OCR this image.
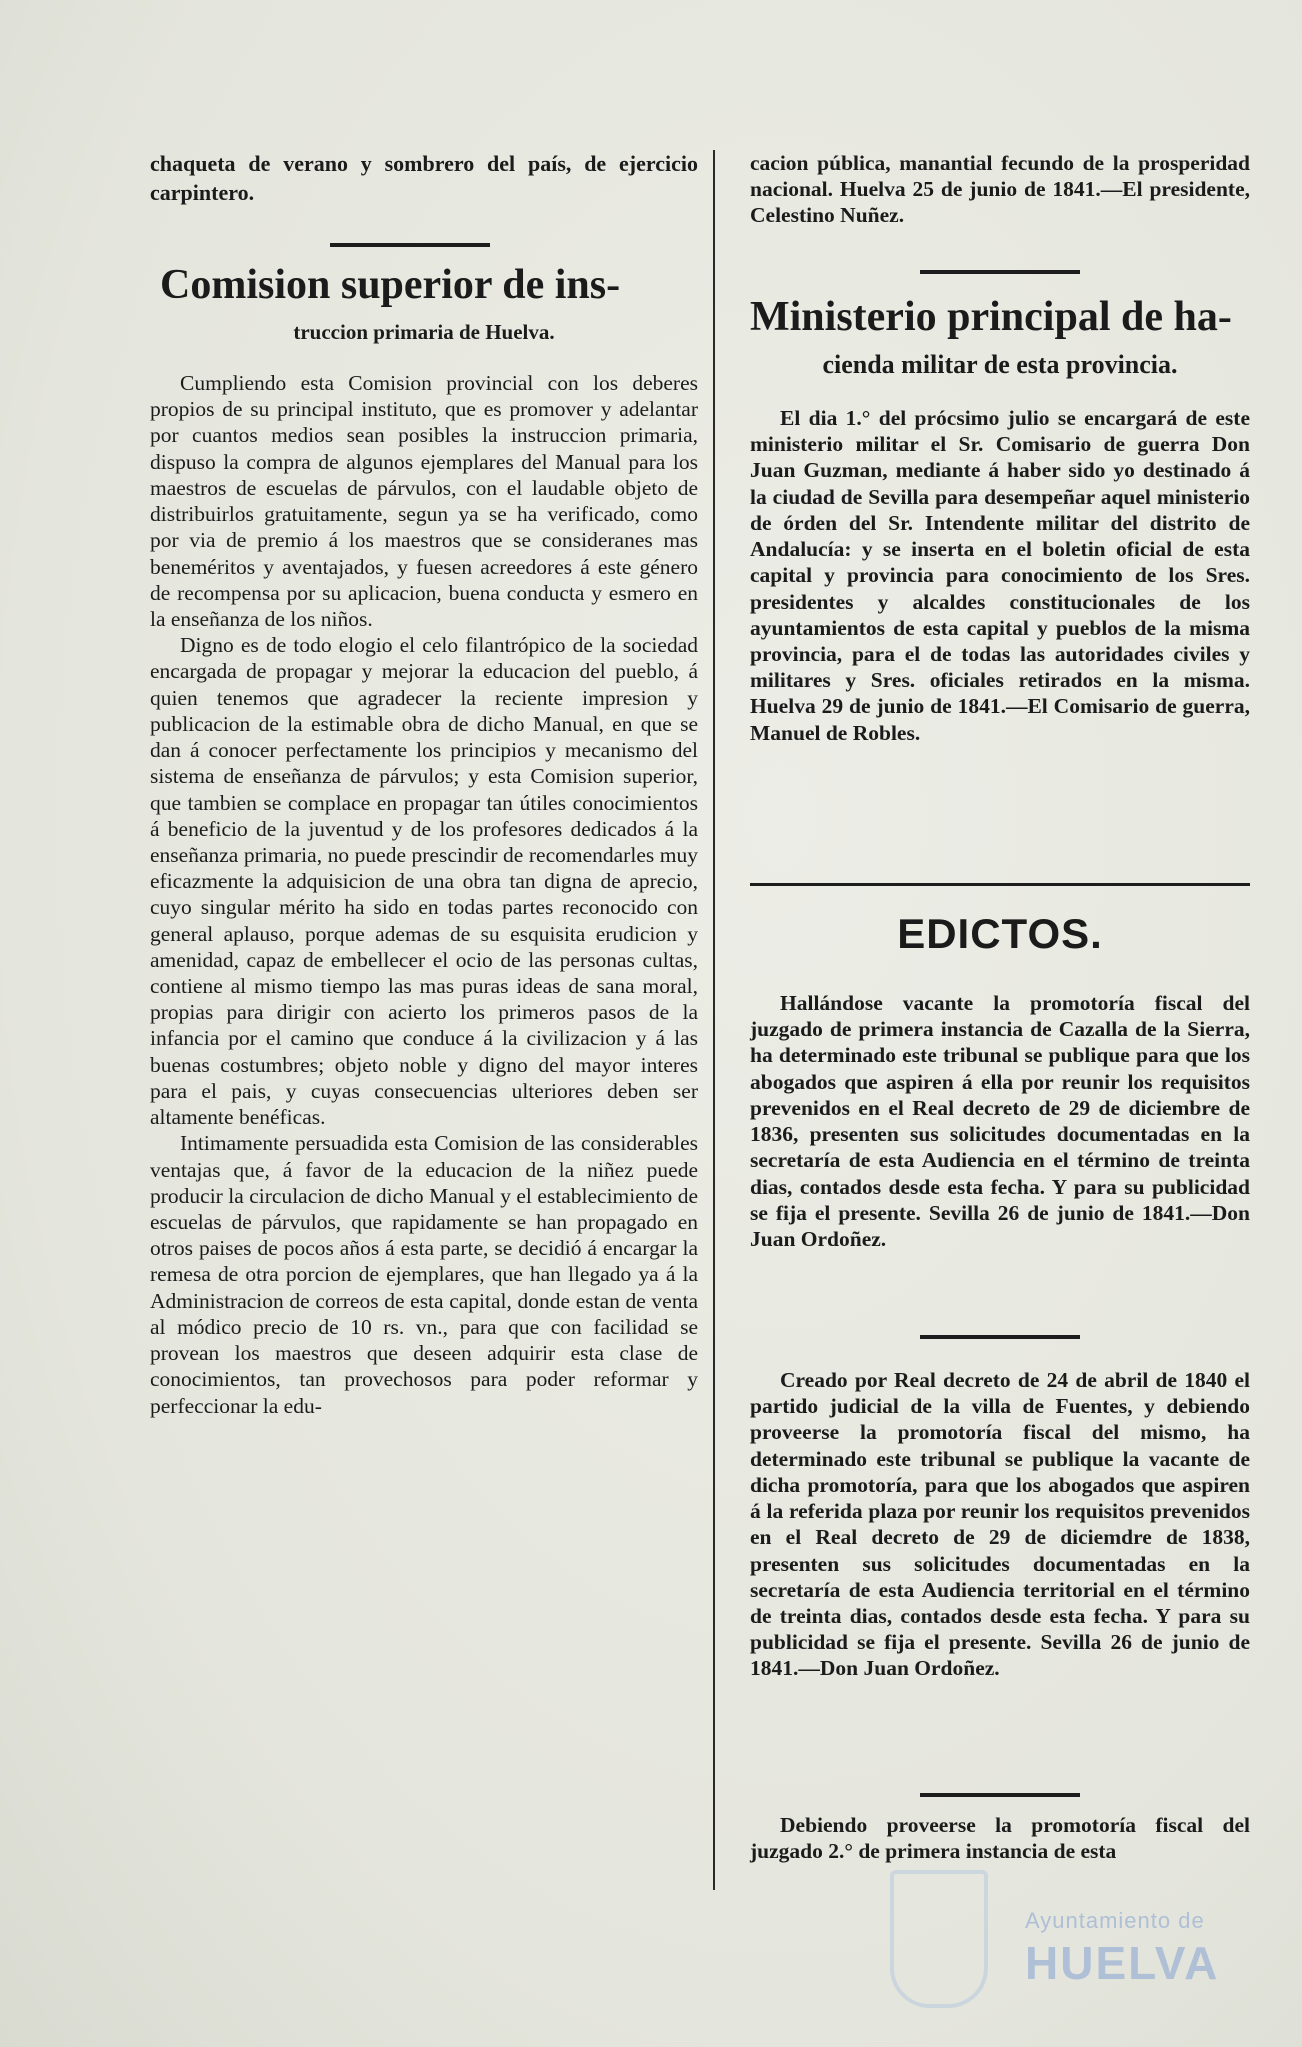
chaqueta de verano y sombrero del país, de ejercicio carpintero.

Comision superior de ins-
truccion primaria de Huelva.

Cumpliendo esta Comision provincial con los deberes propios de su principal instituto, que es promover y adelantar por cuantos medios sean posibles la instruccion primaria, dispuso la compra de algunos ejemplares del Manual para los maestros de escuelas de párvulos, con el laudable objeto de distribuirlos gratuitamente, segun ya se ha verificado, como por via de premio á los maestros que se consideranes mas beneméritos y aventajados, y fuesen acreedores á este género de recompensa por su aplicacion, buena conducta y esmero en la enseñanza de los niños.

Digno es de todo elogio el celo filantrópico de la sociedad encargada de propagar y mejorar la educacion del pueblo, á quien tenemos que agradecer la reciente impresion y publicacion de la estimable obra de dicho Manual, en que se dan á conocer perfectamente los principios y mecanismo del sistema de enseñanza de párvulos; y esta Comision superior, que tambien se complace en propagar tan útiles conocimientos á beneficio de la juventud y de los profesores dedicados á la enseñanza primaria, no puede prescindir de recomendarles muy eficazmente la adquisicion de una obra tan digna de aprecio, cuyo singular mérito ha sido en todas partes reconocido con general aplauso, porque ademas de su esquisita erudicion y amenidad, capaz de embellecer el ocio de las personas cultas, contiene al mismo tiempo las mas puras ideas de sana moral, propias para dirigir con acierto los primeros pasos de la infancia por el camino que conduce á la civilizacion y á las buenas costumbres; objeto noble y digno del mayor interes para el pais, y cuyas consecuencias ulteriores deben ser altamente benéficas.

Intimamente persuadida esta Comision de las considerables ventajas que, á favor de la educacion de la niñez puede producir la circulacion de dicho Manual y el establecimiento de escuelas de párvulos, que rapidamente se han propagado en otros paises de pocos años á esta parte, se decidió á encargar la remesa de otra porcion de ejemplares, que han llegado ya á la Administracion de correos de esta capital, donde estan de venta al módico precio de 10 rs. vn., para que con facilidad se provean los maestros que deseen adquirir esta clase de conocimientos, tan provechosos para poder reformar y perfeccionar la edu-

cacion pública, manantial fecundo de la prosperidad nacional. Huelva 25 de junio de 1841.—El presidente, Celestino Nuñez.

Ministerio principal de ha-
cienda militar de esta provincia.

El dia 1.° del prócsimo julio se encargará de este ministerio militar el Sr. Comisario de guerra Don Juan Guzman, mediante á haber sido yo destinado á la ciudad de Sevilla para desempeñar aquel ministerio de órden del Sr. Intendente militar del distrito de Andalucía: y se inserta en el boletin oficial de esta capital y provincia para conocimiento de los Sres. presidentes y alcaldes constitucionales de los ayuntamientos de esta capital y pueblos de la misma provincia, para el de todas las autoridades civiles y militares y Sres. oficiales retirados en la misma. Huelva 29 de junio de 1841.—El Comisario de guerra, Manuel de Robles.

EDICTOS.

Hallándose vacante la promotoría fiscal del juzgado de primera instancia de Cazalla de la Sierra, ha determinado este tribunal se publique para que los abogados que aspiren á ella por reunir los requisitos prevenidos en el Real decreto de 29 de diciembre de 1836, presenten sus solicitudes documentadas en la secretaría de esta Audiencia en el término de treinta dias, contados desde esta fecha. Y para su publicidad se fija el presente. Sevilla 26 de junio de 1841.—Don Juan Ordoñez.

Creado por Real decreto de 24 de abril de 1840 el partido judicial de la villa de Fuentes, y debiendo proveerse la promotoría fiscal del mismo, ha determinado este tribunal se publique la vacante de dicha promotoría, para que los abogados que aspiren á la referida plaza por reunir los requisitos prevenidos en el Real decreto de 29 de diciemdre de 1838, presenten sus solicitudes documentadas en la secretaría de esta Audiencia territorial en el término de treinta dias, contados desde esta fecha. Y para su publicidad se fija el presente. Sevilla 26 de junio de 1841.—Don Juan Ordoñez.

Debiendo proveerse la promotoría fiscal del juzgado 2.° de primera instancia de esta

Ayuntamiento de
HUELVA
